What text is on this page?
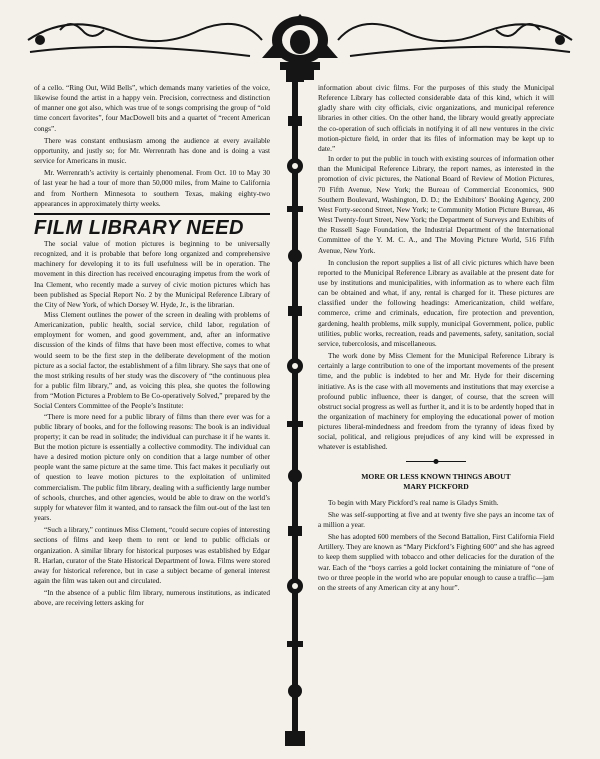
of a cello. “Ring Out, Wild Bells”, which demands many varieties of the voice, likewise found the artist in a happy vein. Precision, correctness and distinction of manner one got also, which was true of te songs comprising the group of “old time concert favorites”, four MacDowell bits and a quartet of “recent American congs”.

There was constant enthusiasm among the audience at every available opportunity, and justly so; for Mr. Werrenrath has done and is doing a vast service for Americans in music.

Mr. Werrenrath’s activity is certainly phenomenal. From Oct. 10 to May 30 of last year he had a tour of more than 50,000 miles, from Maine to California and from Northern Minnesota to southern Texas, making eighty-two appearances in approximately thirty weeks.

FILM LIBRARY NEED

The social value of motion pictures is beginning to be universally recognized, and it is probable that before long organized and comprehensive machinery for developing it to its full usefulness will be in operation. The movement in this direction has received encouraging impetus from the work of Ina Clement, who recently made a survey of civic motion pictures which has been published as Special Report No. 2 by the Municipal Reference Library of the City of New York, of which Dorsey W. Hyde, Jr., is the librarian.

Miss Clement outlines the power of the screen in dealing with problems of Americanization, public health, social service, child labor, regulation of employment for women, and good government, and, after an informative discussion of the kinds of films that have been most effective, comes to what would seem to be the first step in the deliberate development of the motion picture as a social factor, the establishment of a film library. She says that one of the most striking results of her study was the discovery of “the continuous plea for a public film library,” and, as voicing this plea, she quotes the following from “Motion Pictures a Problem to Be Co-operatively Solved,” prepared by the Social Centers Committee of the People’s Institute:

“There is more need for a public library of films than there ever was for a public library of books, and for the following reasons: The book is an individual property; it can be read in solitude; the individual can purchase it if he wants it. But the motion picture is essentially a collective commodity. The individual can have a desired motion picture only on condition that a large number of other people want the same picture at the same time. This fact makes it peculiarly out of question to leave motion pictures to the exploitation of unlimited commercialism. The public film library, dealing with a sufficiently large number of schools, churches, and other agencies, would be able to draw on the world’s supply for whatever film it wanted, and to ransack the film out-out of the last ten years.

“Such a library,” continues Miss Clement, “could secure copies of interesting sections of films and keep them to rent or lend to public officials or organization. A similar library for historical purposes was established by Edgar R. Harlan, curator of the State Historical Department of Iowa. Films were stored away for historical reference, but in case a subject became of general interest again the film was taken out and circulated.

“In the absence of a public film library, numerous institutions, as indicated above, are receiving letters asking for

information about civic films. For the purposes of this study the Municipal Reference Library has collected considerable data of this kind, which it will gladly share with city officials, civic organizations, and municipal reference libraries in other cities. On the other hand, the library would greatly appreciate the co-operation of such officials in notifying it of all new ventures in the civic motion-picture field, in order that its files of information may be kept up to date.”

In order to put the public in touch with existing sources of information other than the Municipal Reference Library, the report names, as interested in the promotion of civic pictures, the National Board of Review of Motion Pictures, 70 Fifth Avenue, New York; the Bureau of Commercial Economics, 900 Southern Boulevard, Washington, D. D.; the Exhibitors’ Booking Agency, 200 West Forty-second Street, New York; te Community Motion Picture Bureau, 46 West Twenty-fourt Street, New York; the Department of Surveys and Exhibits of the Russell Sage Foundation, the Industrial Department of the International Committee of the Y. M. C. A., and The Moving Picture World, 516 Fifth Avenue, New York.

In conclusion the report supplies a list of all civic pictures which have been reported to the Municipal Reference Library as available at the present date for use by institutions and municipalities, with information as to where each film can be obtained and what, if any, rental is charged for it. These pictures are classified under the following headings: Americanization, child welfare, commerce, crime and criminals, education, fire protection and prevention, gardening, health problems, milk supply, municipal Government, police, public utilities, public works, recreation, reads and pavements, safety, sanitation, social service, tubercolosis, and miscellaneous.

The work done by Miss Clement for the Municipal Reference Library is certainly a large contribution to one of the important movements of the present time, and the public is indebted to her and Mr. Hyde for their discerning initiative. As is the case with all movements and institutions that may exercise a profound public influence, theer is danger, of course, that the screen will obstruct social progress as well as further it, and it is to be ardently hoped that in the organization of machinery for employing the educational power of motion pictures liberal-mindedness and freedom from the tyranny of ideas fixed by social, political, and religious prejudices of any kind will be expressed in whatever is established.

MORE OR LESS KNOWN THINGS ABOUT
MARY PICKFORD

To begin with Mary Pickford’s real name is Gladys Smith.

She was self-supporting at five and at twenty five she pays an income tax of a million a year.

She has adopted 600 members of the Second Battalion, First California Field Artillery. They are known as “Mary Pickford’s Fighting 600” and she has agreed to keep them supplied with tobacco and other delicacies for the duration of the war. Each of the “boys carries a gold locket containing the miniature of “one of two or three people in the world who are popular enough to cause a traffic—jam on the streets of any American city at any hour”.
